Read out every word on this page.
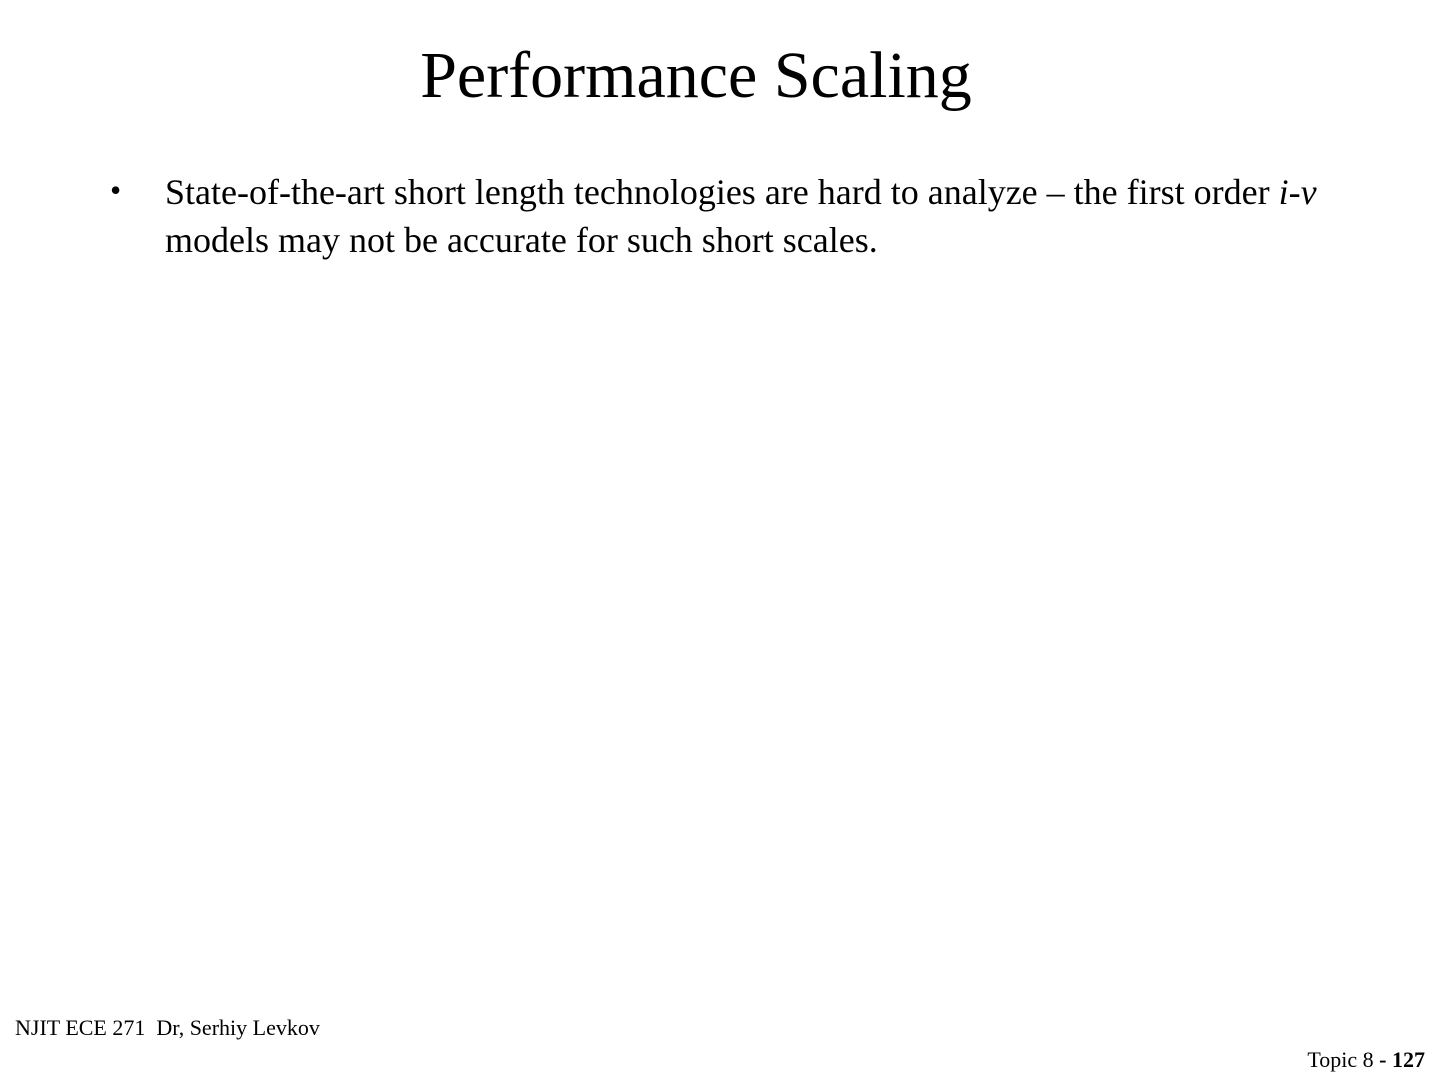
Performance Scaling
• State-of-the-art short length technologies are hard to analyze – the first order i-v models may not be accurate for such short scales.
NJIT ECE 271  Dr, Serhiy Levkov
Topic 8 - 127
